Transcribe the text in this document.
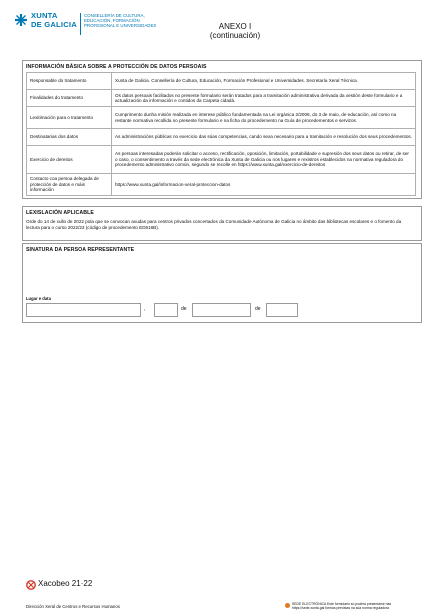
XUNTA
DE GALICIA
CONSELLERÍA DE CULTURA,
EDUCACIÓN, FORMACIÓN
PROFESIONAL E UNIVERSIDADES	ANEXO I
(continuación)
INFORMACIÓN BÁSICA SOBRE A PROTECCIÓN DE DATOS PERSOAIS
Responsable do tratamento	Xunta de Galicia. Consellería de Cultura, Educación, Formación Profesional e Universidades. Secretaría Xeral Técnica.
Finalidades do tratamento	Os datos persoais facilitados no presente formulario serán tratados para a tramitación administrativa derivada da xestión deste formulario e a actualización da información e contidos da Carpeta cidadá.
Lexitimación para o tratamento	Cumprimento dunha misión realizada en interese público fundamentada na Lei orgánica 2/2006, do 3 de maio, de educación, así como na restante normativa recollida no presente formulario e na ficha do procedemento na Guía de procedementos e servizos.
Destinatarias dos datos	As administracións públicas no exercicio das súas competencias, cando sexa necesario para a tramitación e resolución dos seus procedementos.
Exercicio de dereitos	As persoas interesadas poderán solicitar o acceso, rectificación, oposición, limitación, portabilidade e supresión dos seus datos ou retirar, de ser o caso, o consentimento a través da sede electrónica da Xunta de Galicia ou nos lugares e rexistros establecidos na normativa reguladora do procedemento administrativo común, segundo se recolle en https://www.xunta.gal/exercicio-de-dereitos
Contacto coa persoa delegada de protección de datos e máis información	https://www.xunta.gal/informacion-xeral-proteccion-datos
LEXISLACIÓN APLICABLE
Orde do 14 de xullo de 2022 pola que se convocan axudas para centros privados concertados da Comunidade Autónoma de Galicia no ámbito das bibliotecas escolares e o fomento da lectura para o curso 2022/23 (código de procedemento ED516B).
SINATURA DA PERSOA REPRESENTANTE
Lugar e data
,	de	de
Xacobeo 21·22
Dirección Xeral de Centros e Recursos Humanos	SEDE ELECTRÓNICA Este formulario só poderá presentarse nas
https://sede.xunta.gal formas previstas na súa norma reguladora
